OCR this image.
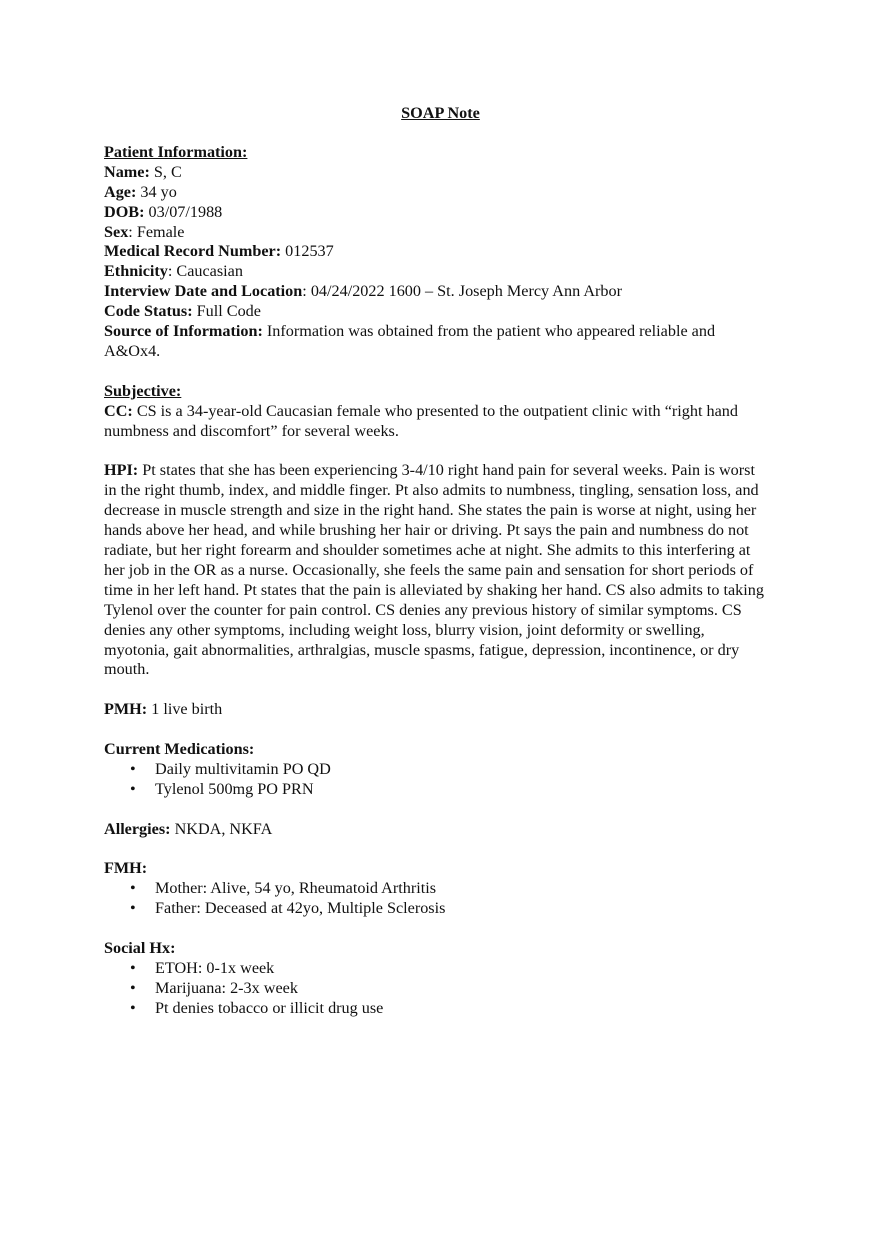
SOAP Note
Patient Information:
Name: S, C
Age: 34 yo
DOB: 03/07/1988
Sex: Female
Medical Record Number: 012537
Ethnicity: Caucasian
Interview Date and Location: 04/24/2022 1600 – St. Joseph Mercy Ann Arbor
Code Status: Full Code
Source of Information: Information was obtained from the patient who appeared reliable and A&Ox4.
Subjective:
CC: CS is a 34-year-old Caucasian female who presented to the outpatient clinic with “right hand numbness and discomfort” for several weeks.
HPI: Pt states that she has been experiencing 3-4/10 right hand pain for several weeks. Pain is worst in the right thumb, index, and middle finger. Pt also admits to numbness, tingling, sensation loss, and decrease in muscle strength and size in the right hand. She states the pain is worse at night, using her hands above her head, and while brushing her hair or driving. Pt says the pain and numbness do not radiate, but her right forearm and shoulder sometimes ache at night. She admits to this interfering at her job in the OR as a nurse. Occasionally, she feels the same pain and sensation for short periods of time in her left hand. Pt states that the pain is alleviated by shaking her hand. CS also admits to taking Tylenol over the counter for pain control. CS denies any previous history of similar symptoms. CS denies any other symptoms, including weight loss, blurry vision, joint deformity or swelling, myotonia, gait abnormalities, arthralgias, muscle spasms, fatigue, depression, incontinence, or dry mouth.
PMH: 1 live birth
Current Medications:
• Daily multivitamin PO QD
• Tylenol 500mg PO PRN
Allergies: NKDA, NKFA
FMH:
• Mother: Alive, 54 yo, Rheumatoid Arthritis
• Father: Deceased at 42yo, Multiple Sclerosis
Social Hx:
• ETOH: 0-1x week
• Marijuana: 2-3x week
• Pt denies tobacco or illicit drug use
